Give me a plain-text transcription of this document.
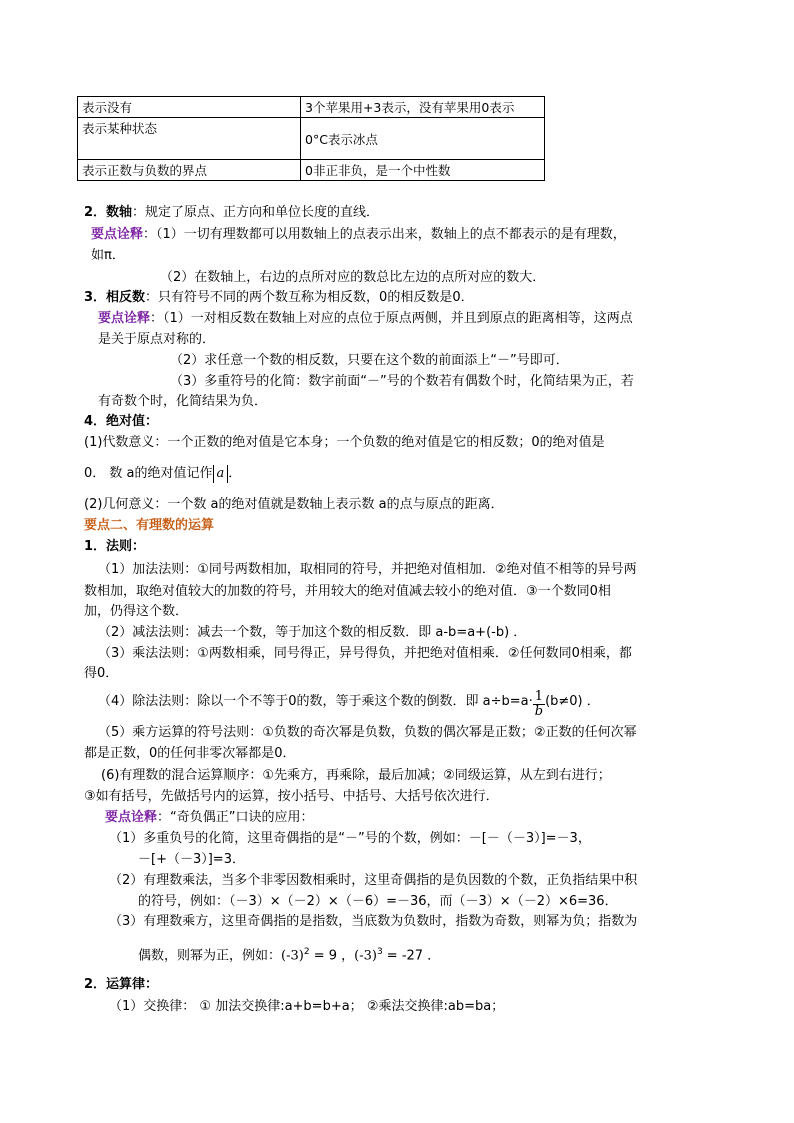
表示没有	3个苹果用+3表示，没有苹果用0表示
表示某种状态	0°C表示冰点
表示正数与负数的界点	0非正非负，是一个中性数
2．数轴：规定了原点、正方向和单位长度的直线．
要点诠释：（1）一切有理数都可以用数轴上的点表示出来，数轴上的点不都表示的是有理数，
如π．
（2）在数轴上，右边的点所对应的数总比左边的点所对应的数大．
3．相反数：只有符号不同的两个数互称为相反数，0的相反数是0．
要点诠释：（1）一对相反数在数轴上对应的点位于原点两侧，并且到原点的距离相等，这两点
是关于原点对称的．
（2）求任意一个数的相反数，只要在这个数的前面添上“－”号即可．
（3）多重符号的化简：数字前面“－”号的个数若有偶数个时，化简结果为正，若
有奇数个时，化简结果为负．
4．绝对值：
(1)代数意义：一个正数的绝对值是它本身；一个负数的绝对值是它的相反数；0的绝对值是
0． 数 a的绝对值记作 a ．
(2)几何意义：一个数 a的绝对值就是数轴上表示数 a的点与原点的距离．
要点二、有理数的运算
1．法则：
（1）加法法则：①同号两数相加，取相同的符号，并把绝对值相加．②绝对值不相等的异号两
数相加，取绝对值较大的加数的符号，并用较大的绝对值减去较小的绝对值．③一个数同0相
加，仍得这个数．
（2）减法法则：减去一个数，等于加这个数的相反数．即 a-b=a+(-b) ．
（3）乘法法则：①两数相乘，同号得正，异号得负，并把绝对值相乘．②任何数同0相乘，都
得0．
（4）除法法则：除以一个不等于0的数，等于乘这个数的倒数．即 $a\div b=a\cdot \frac{1}{b} (b\ne 0)$ ．
（5）乘方运算的符号法则：①负数的奇次幂是负数，负数的偶次幂是正数；②正数的任何次幂
都是正数，0的任何非零次幂都是0．
(6)有理数的混合运算顺序：①先乘方，再乘除，最后加减；②同级运算，从左到右进行；
③如有括号，先做括号内的运算，按小括号、中括号、大括号依次进行．
要点诠释：“奇负偶正”口诀的应用：
（1）多重负号的化简，这里奇偶指的是“－”号的个数，例如：－[－（－3）]=－3，
－[+（－3）]=3．
（2）有理数乘法，当多个非零因数相乘时，这里奇偶指的是负因数的个数，正负指结果中积
的符号，例如：（－3）×（－2）×（－6）=－36，而（－3）×（－2）×6=36．
（3）有理数乘方，这里奇偶指的是指数，当底数为负数时，指数为奇数，则幂为负；指数为
偶数，则幂为正，例如：$(-3)^2 = 9$ ，$(-3)^3 = -27$ ．
2．运算律：
（1）交换律： ① 加法交换律:a+b=b+a； ②乘法交换律:ab=ba；
